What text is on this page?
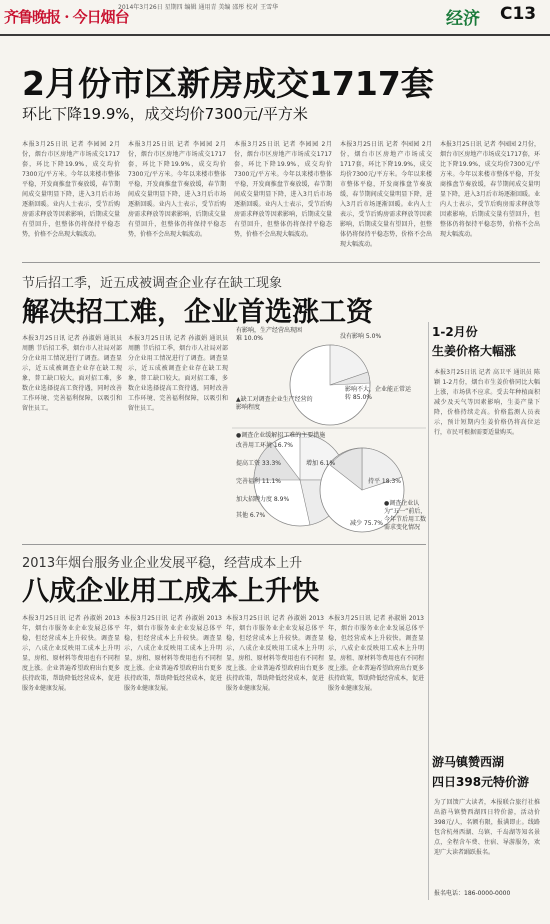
齐鲁晚报 · 今日烟台
2014年3月26日 星期四 编辑 通用青 美编 邵彤 校对 王雪华
经济 C13
2月份市区新房成交1717套
环比下降19.9%，成交均价7300元/平方米
本报3月25日讯 记者 李园园 2月份，烟台市区房地产市场成交1717套，环比下降19.9%，成交均价7300元/平方米。今年以来楼市整体平稳，开发商推盘节奏放缓，春节期间成交量明显下降，进入3月后市场逐渐回暖。业内人士表示，受节后购房需求释放等因素影响，后期成交量有望回升，但整体仍将保持平稳态势，价格不会出现大幅波动。
本报3月25日讯 记者 李园园 2月份，烟台市区房地产市场成交1717套，环比下降19.9%，成交均价7300元/平方米。今年以来楼市整体平稳，开发商推盘节奏放缓，春节期间成交量明显下降，进入3月后市场逐渐回暖。业内人士表示，受节后购房需求释放等因素影响，后期成交量有望回升，但整体仍将保持平稳态势，价格不会出现大幅波动。
本报3月25日讯 记者 李园园 2月份，烟台市区房地产市场成交1717套，环比下降19.9%，成交均价7300元/平方米。今年以来楼市整体平稳，开发商推盘节奏放缓，春节期间成交量明显下降，进入3月后市场逐渐回暖。业内人士表示，受节后购房需求释放等因素影响，后期成交量有望回升，但整体仍将保持平稳态势，价格不会出现大幅波动。
本报3月25日讯 记者 李园园 2月份，烟台市区房地产市场成交1717套，环比下降19.9%，成交均价7300元/平方米。今年以来楼市整体平稳，开发商推盘节奏放缓，春节期间成交量明显下降，进入3月后市场逐渐回暖。业内人士表示，受节后购房需求释放等因素影响，后期成交量有望回升，但整体仍将保持平稳态势，价格不会出现大幅波动。
本报3月25日讯 记者 李园园 2月份，烟台市区房地产市场成交1717套，环比下降19.9%，成交均价7300元/平方米。今年以来楼市整体平稳，开发商推盘节奏放缓，春节期间成交量明显下降，进入3月后市场逐渐回暖。业内人士表示，受节后购房需求释放等因素影响，后期成交量有望回升，但整体仍将保持平稳态势，价格不会出现大幅波动。
节后招工季，近五成被调查企业存在缺工现象
解决招工难，企业首选涨工资
本报3月25日讯 记者 孙淑娟 通讯员 周鹏 节后招工季，烟台市人社局对部分企业用工情况进行了调查。调查显示，近五成被调查企业存在缺工现象，普工缺口较大。面对招工难，多数企业选择提高工资待遇，同时改善工作环境、完善福利保障，以吸引和留住员工。
本报3月25日讯 记者 孙淑娟 通讯员 周鹏 节后招工季，烟台市人社局对部分企业用工情况进行了调查。调查显示，近五成被调查企业存在缺工现象，普工缺口较大。面对招工难，多数企业选择提高工资待遇，同时改善工作环境、完善福利保障，以吸引和留住员工。
有影响，生产经营出现困难 10.0%	没有影响 5.0%
影响不大，企业能正常运转 85.0%
▲缺工对调查企业生产经营的影响程度
●调查企业缓解招工难的主要措施
改善用工环境 16.7%
提高工资 33.3%
完善福利 11.1%
加大招聘力度 8.9%
其他 6.7%
增加 6.1%
持平 18.3%
减少 75.7%
●调查企业认为“五一”前后，今年节后用工数需求变化情况
1-2月份
生姜价格大幅涨
本报3月25日讯 记者 高卫平 通讯员 陈颖 1-2月份，烟台市生姜价格同比大幅上涨，市场供不应求。受去年种植面积减少及天气等因素影响，生姜产量下降，价格持续走高。价格监测人员表示，预计短期内生姜价格仍将高位运行，市民可根据需要适量购买。
游马镇赞西湖
四日398元特价游
为了回馈广大读者，本报联合旅行社推出游马镇赞西湖四日特价游，活动价398元/人，名额有限，报满即止。线路包含杭州西湖、乌镇、千岛湖等知名景点，全程含车费、住宿、导游服务，欢迎广大读者踊跃报名。
报名电话：186-0000-0000
2013年烟台服务业企业发展平稳，经营成本上升
八成企业用工成本上升快
本报3月25日讯 记者 孙淑娟 2013年，烟台市服务业企业发展总体平稳，但经营成本上升较快。调查显示，八成企业反映用工成本上升明显，房租、原材料等费用也有不同程度上涨。企业普遍希望政府出台更多扶持政策，帮助降低经营成本，促进服务业健康发展。
本报3月25日讯 记者 孙淑娟 2013年，烟台市服务业企业发展总体平稳，但经营成本上升较快。调查显示，八成企业反映用工成本上升明显，房租、原材料等费用也有不同程度上涨。企业普遍希望政府出台更多扶持政策，帮助降低经营成本，促进服务业健康发展。
本报3月25日讯 记者 孙淑娟 2013年，烟台市服务业企业发展总体平稳，但经营成本上升较快。调查显示，八成企业反映用工成本上升明显，房租、原材料等费用也有不同程度上涨。企业普遍希望政府出台更多扶持政策，帮助降低经营成本，促进服务业健康发展。
本报3月25日讯 记者 孙淑娟 2013年，烟台市服务业企业发展总体平稳，但经营成本上升较快。调查显示，八成企业反映用工成本上升明显，房租、原材料等费用也有不同程度上涨。企业普遍希望政府出台更多扶持政策，帮助降低经营成本，促进服务业健康发展。
